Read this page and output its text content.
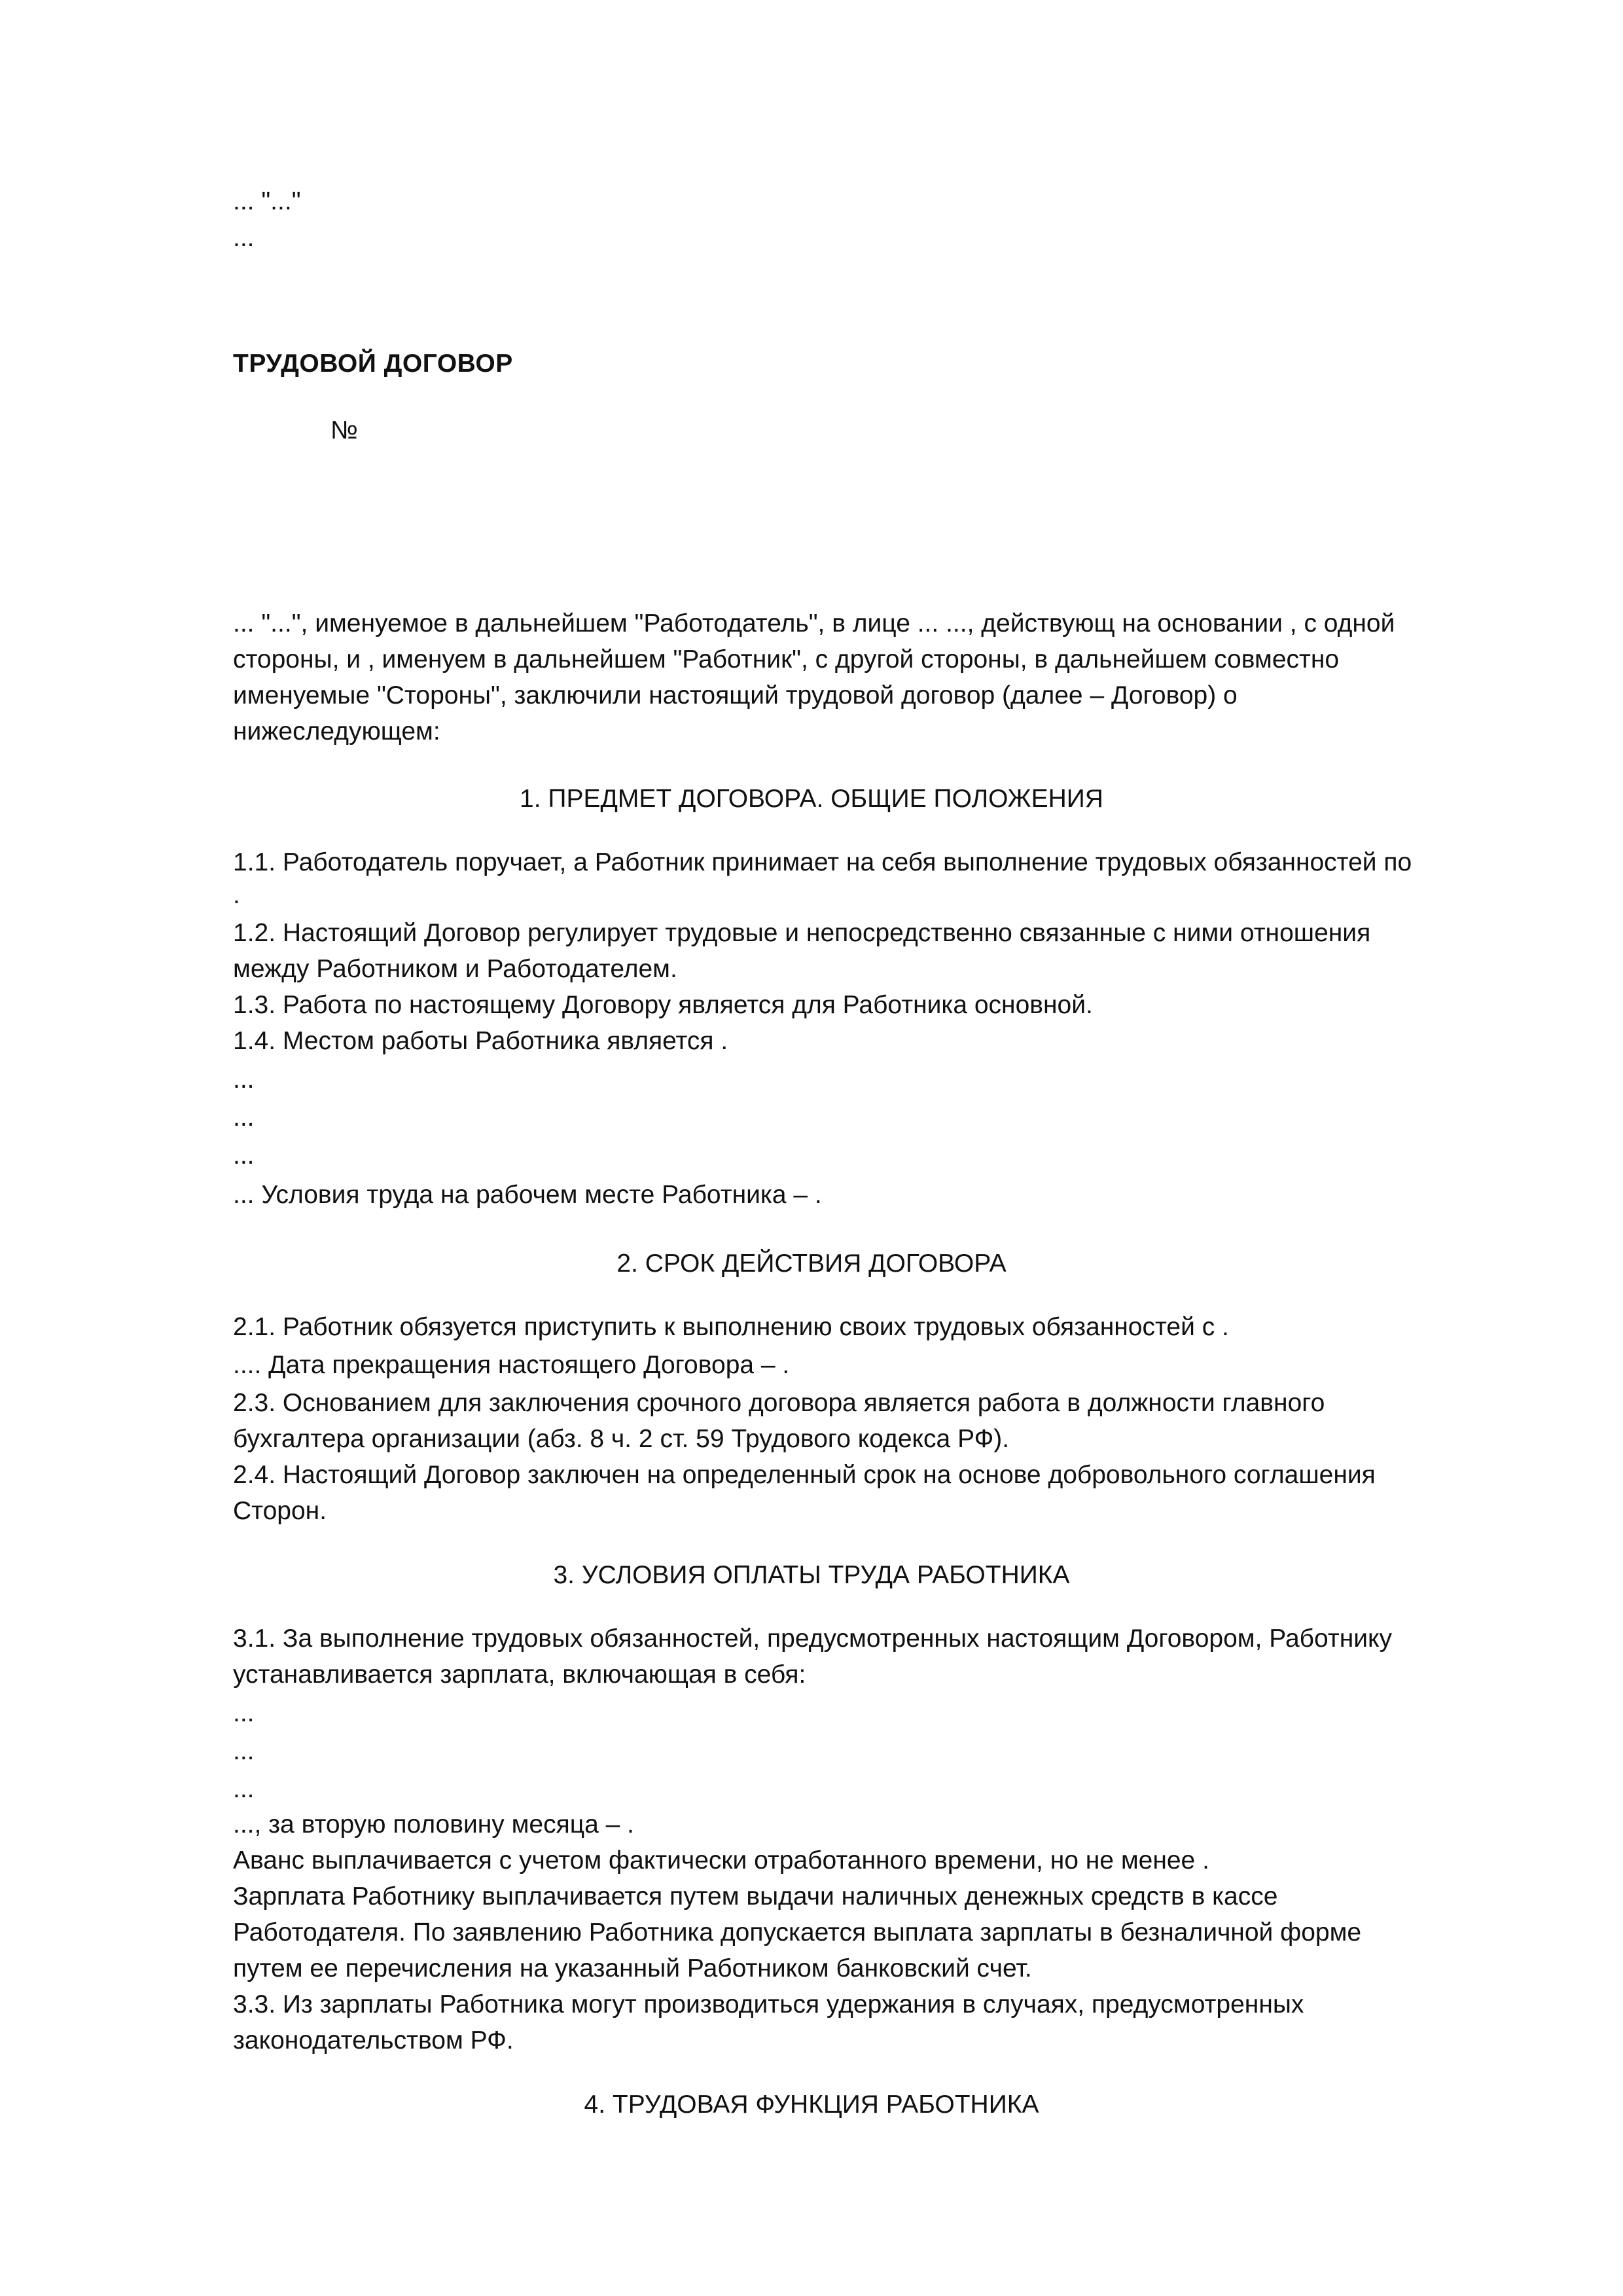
... "..."

...

ТРУДОВОЙ ДОГОВОР

№

... "...", именуемое в дальнейшем "Работодатель", в лице ... ..., действующ на основании , с одной

стороны, и , именуем в дальнейшем "Работник", с другой стороны, в дальнейшем совместно

именуемые "Стороны", заключили настоящий трудовой договор (далее – Договор) о

нижеследующем:

1. ПРЕДМЕТ ДОГОВОРА. ОБЩИЕ ПОЛОЖЕНИЯ

1.1. Работодатель поручает, а Работник принимает на себя выполнение трудовых обязанностей по

.

1.2. Настоящий Договор регулирует трудовые и непосредственно связанные с ними отношения

между Работником и Работодателем.

1.3. Работа по настоящему Договору является для Работника основной.

1.4. Местом работы Работника является .

...

...

...

... Условия труда на рабочем месте Работника – .

2. СРОК ДЕЙСТВИЯ ДОГОВОРА

2.1. Работник обязуется приступить к выполнению своих трудовых обязанностей с .

.... Дата прекращения настоящего Договора – .

2.3. Основанием для заключения срочного договора является работа в должности главного

бухгалтера организации (абз. 8 ч. 2 ст. 59 Трудового кодекса РФ).

2.4. Настоящий Договор заключен на определенный срок на основе добровольного соглашения

Сторон.

3. УСЛОВИЯ ОПЛАТЫ ТРУДА РАБОТНИКА

3.1. За выполнение трудовых обязанностей, предусмотренных настоящим Договором, Работнику

устанавливается зарплата, включающая в себя:

...

...

...

..., за вторую половину месяца – .

Аванс выплачивается с учетом фактически отработанного времени, но не менее .

Зарплата Работнику выплачивается путем выдачи наличных денежных средств в кассе

Работодателя. По заявлению Работника допускается выплата зарплаты в безналичной форме

путем ее перечисления на указанный Работником банковский счет.

3.3. Из зарплаты Работника могут производиться удержания в случаях, предусмотренных

законодательством РФ.

4. ТРУДОВАЯ ФУНКЦИЯ РАБОТНИКА
